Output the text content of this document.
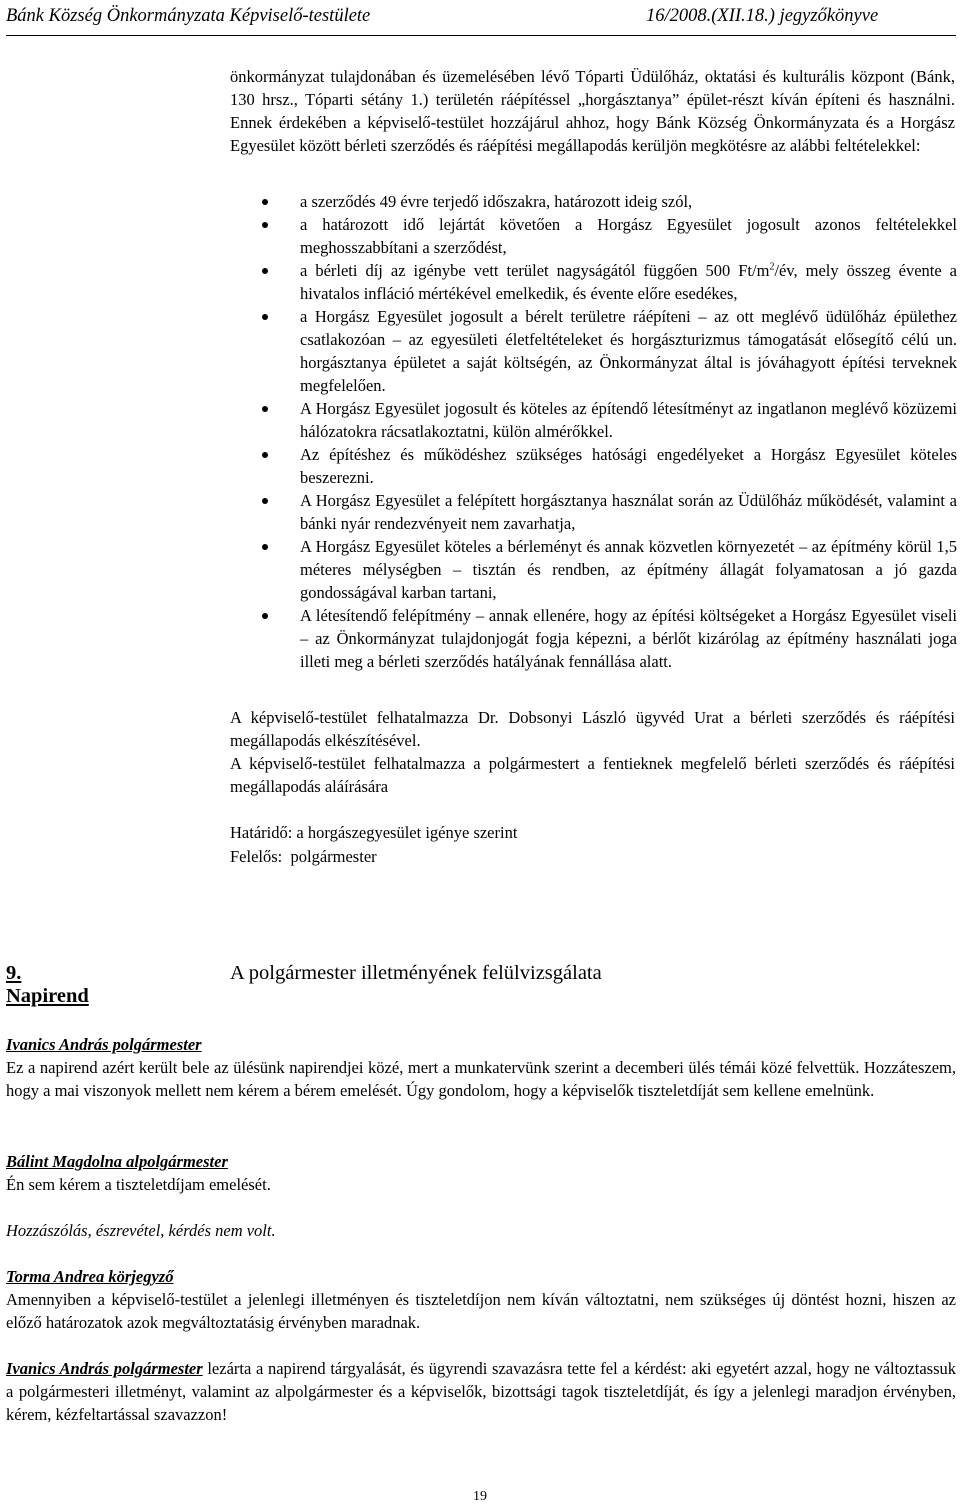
Bánk Község Önkormányzata Képviselő-testülete	16/2008.(XII.18.) jegyzőkönyve
önkormányzat tulajdonában és üzemelésében lévő Tóparti Üdülőház, oktatási és kulturális központ (Bánk, 130 hrsz., Tóparti sétány 1.) területén ráépítéssel „horgásztanya” épület-részt kíván építeni és használni. Ennek érdekében a képviselő-testület hozzájárul ahhoz, hogy Bánk Község Önkormányzata és a Horgász Egyesület között bérleti szerződés és ráépítési megállapodás kerüljön megkötésre az alábbi feltételekkel:
a szerződés 49 évre terjedő időszakra, határozott ideig szól,
a határozott idő lejártát követően a Horgász Egyesület jogosult azonos feltételekkel meghosszabbítani a szerződést,
a bérleti díj az igénybe vett terület nagyságától függően 500 $Ft/m^2/év$, mely összeg évente a hivatalos infláció mértékével emelkedik, és évente előre esedékes,
a Horgász Egyesület jogosult a bérelt területre ráépíteni – az ott meglévő üdülőház épülethez csatlakozóan – az egyesületi életfeltételeket és horgászturizmus támogatását elősegítő célú un. horgásztanya épületet a saját költségén, az Önkormányzat által is jóváhagyott építési terveknek megfelelően.
A Horgász Egyesület jogosult és köteles az építendő létesítményt az ingatlanon meglévő közüzemi hálózatokra rácsatlakoztatni, külön almérőkkel.
Az építéshez és működéshez szükséges hatósági engedélyeket a Horgász Egyesület köteles beszerezni.
A Horgász Egyesület a felépített horgásztanya használat során az Üdülőház működését, valamint a bánki nyár rendezvényeit nem zavarhatja,
A Horgász Egyesület köteles a bérleményt és annak közvetlen környezetét – az építmény körül 1,5 méteres mélységben – tisztán és rendben, az építmény állagát folyamatosan a jó gazda gondosságával karban tartani,
A létesítendő felépítmény – annak ellenére, hogy az építési költségeket a Horgász Egyesület viseli – az Önkormányzat tulajdonjogát fogja képezni, a bérlőt kizárólag az építmény használati joga illeti meg a bérleti szerződés hatályának fennállása alatt.
A képviselő-testület felhatalmazza Dr. Dobsonyi László ügyvéd Urat a bérleti szerződés és ráépítési megállapodás elkészítésével.
A képviselő-testület felhatalmazza a polgármestert a fentieknek megfelelő bérleti szerződés és ráépítési megállapodás aláírására
Határidő: a horgászegyesület igénye szerint
Felelős:  polgármester
9. Napirend
A polgármester illetményének felülvizsgálata
Ivanics András polgármester
Ez a napirend azért került bele az ülésünk napirendjei közé, mert a munkatervünk szerint a decemberi ülés témái közé felvettük. Hozzáteszem, hogy a mai viszonyok mellett nem kérem a bérem emelését. Úgy gondolom, hogy a képviselők tiszteletdíját sem kellene emelnünk.
Bálint Magdolna alpolgármester
Én sem kérem a tiszteletdíjam emelését.
Hozzászólás, észrevétel, kérdés nem volt.
Torma Andrea körjegyző
Amennyiben a képviselő-testület a jelenlegi illetményen és tiszteletdíjon nem kíván változtatni, nem szükséges új döntést hozni, hiszen az előző határozatok azok megváltoztatásig érvényben maradnak.
Ivanics András polgármester lezárta a napirend tárgyalását, és ügyrendi szavazásra tette fel a kérdést: aki egyetért azzal, hogy ne változtassuk a polgármesteri illetményt, valamint az alpolgármester és a képviselők, bizottsági tagok tiszteletdíját, és így a jelenlegi maradjon érvényben, kérem, kézfeltartással szavazzon!
19
